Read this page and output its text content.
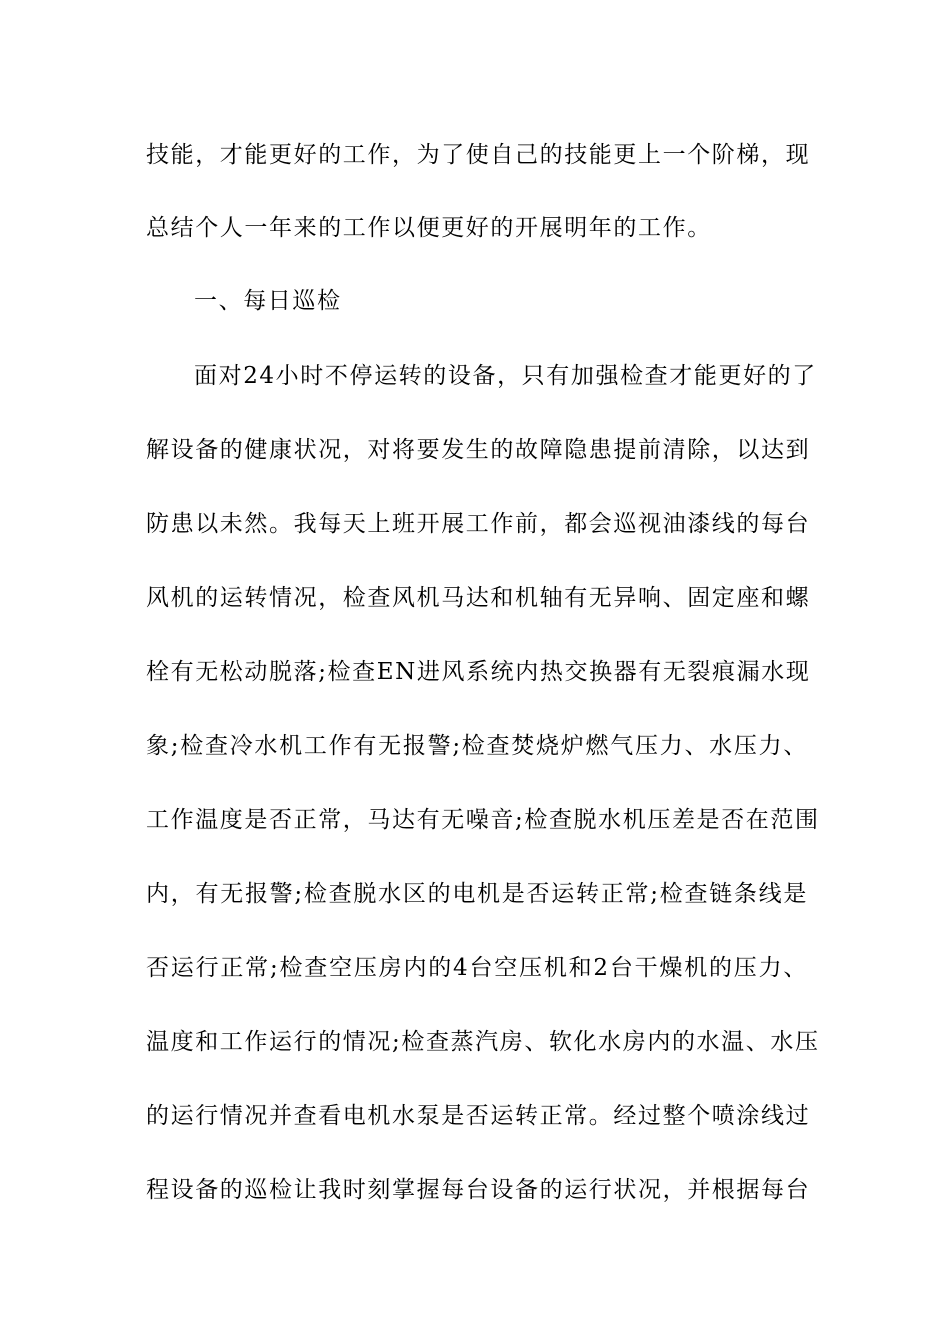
技能，才能更好的工作，为了使自己的技能更上一个阶梯，现
总结个人一年来的工作以便更好的开展明年的工作。
一、每日巡检
面对24小时不停运转的设备，只有加强检查才能更好的了
解设备的健康状况，对将要发生的故障隐患提前清除，以达到
防患以未然。我每天上班开展工作前，都会巡视油漆线的每台
风机的运转情况，检查风机马达和机轴有无异响、固定座和螺
栓有无松动脱落;检查EN进风系统内热交换器有无裂痕漏水现
象;检查冷水机工作有无报警;检查焚烧炉燃气压力、水压力、
工作温度是否正常，马达有无噪音;检查脱水机压差是否在范围
内，有无报警;检查脱水区的电机是否运转正常;检查链条线是
否运行正常;检查空压房内的4台空压机和2台干燥机的压力、
温度和工作运行的情况;检查蒸汽房、软化水房内的水温、水压
的运行情况并查看电机水泵是否运转正常。经过整个喷涂线过
程设备的巡检让我时刻掌握每台设备的运行状况，并根据每台
